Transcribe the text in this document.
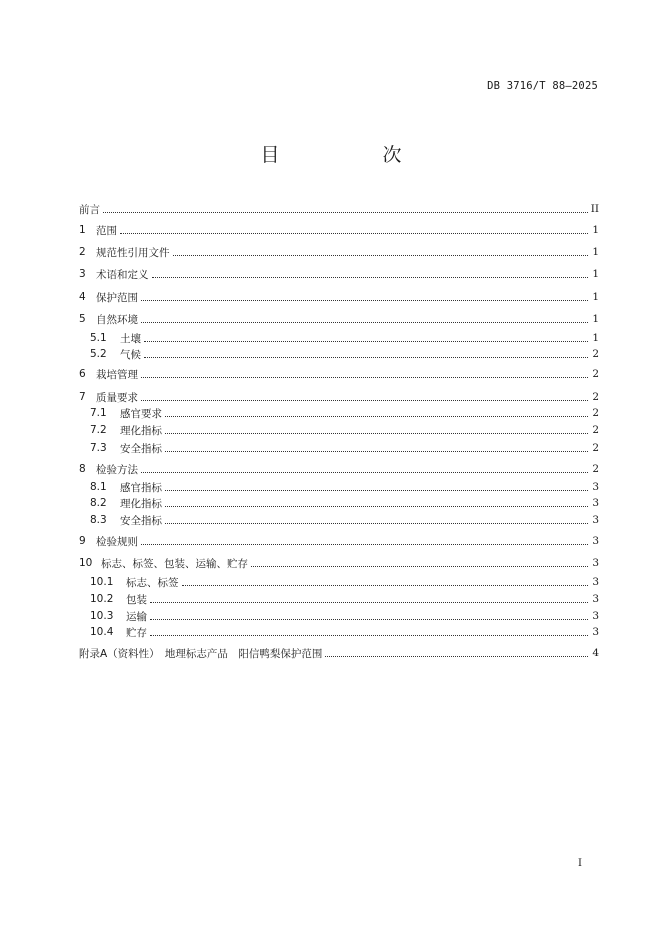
DB 3716/T 88—2025
目　次
前言	II
1 范围	1
2 规范性引用文件	1
3 术语和定义	1
4 保护范围	1
5 自然环境	1
5.1	土壤	1
5.2	气候	2
6 栽培管理	2
7 质量要求	2
7.1	感官要求	2
7.2	理化指标	2
7.3	安全指标	2
8 检验方法	2
8.1	感官指标	3
8.2	理化指标	3
8.3	安全指标	3
9 检验规则	3
10 标志、标签、包装、运输、贮存	3
10.1	标志、标签	3
10.2	包装	3
10.3	运输	3
10.4	贮存	3
附录A（资料性）　地理标志产品　阳信鸭梨保护范围	4
I
